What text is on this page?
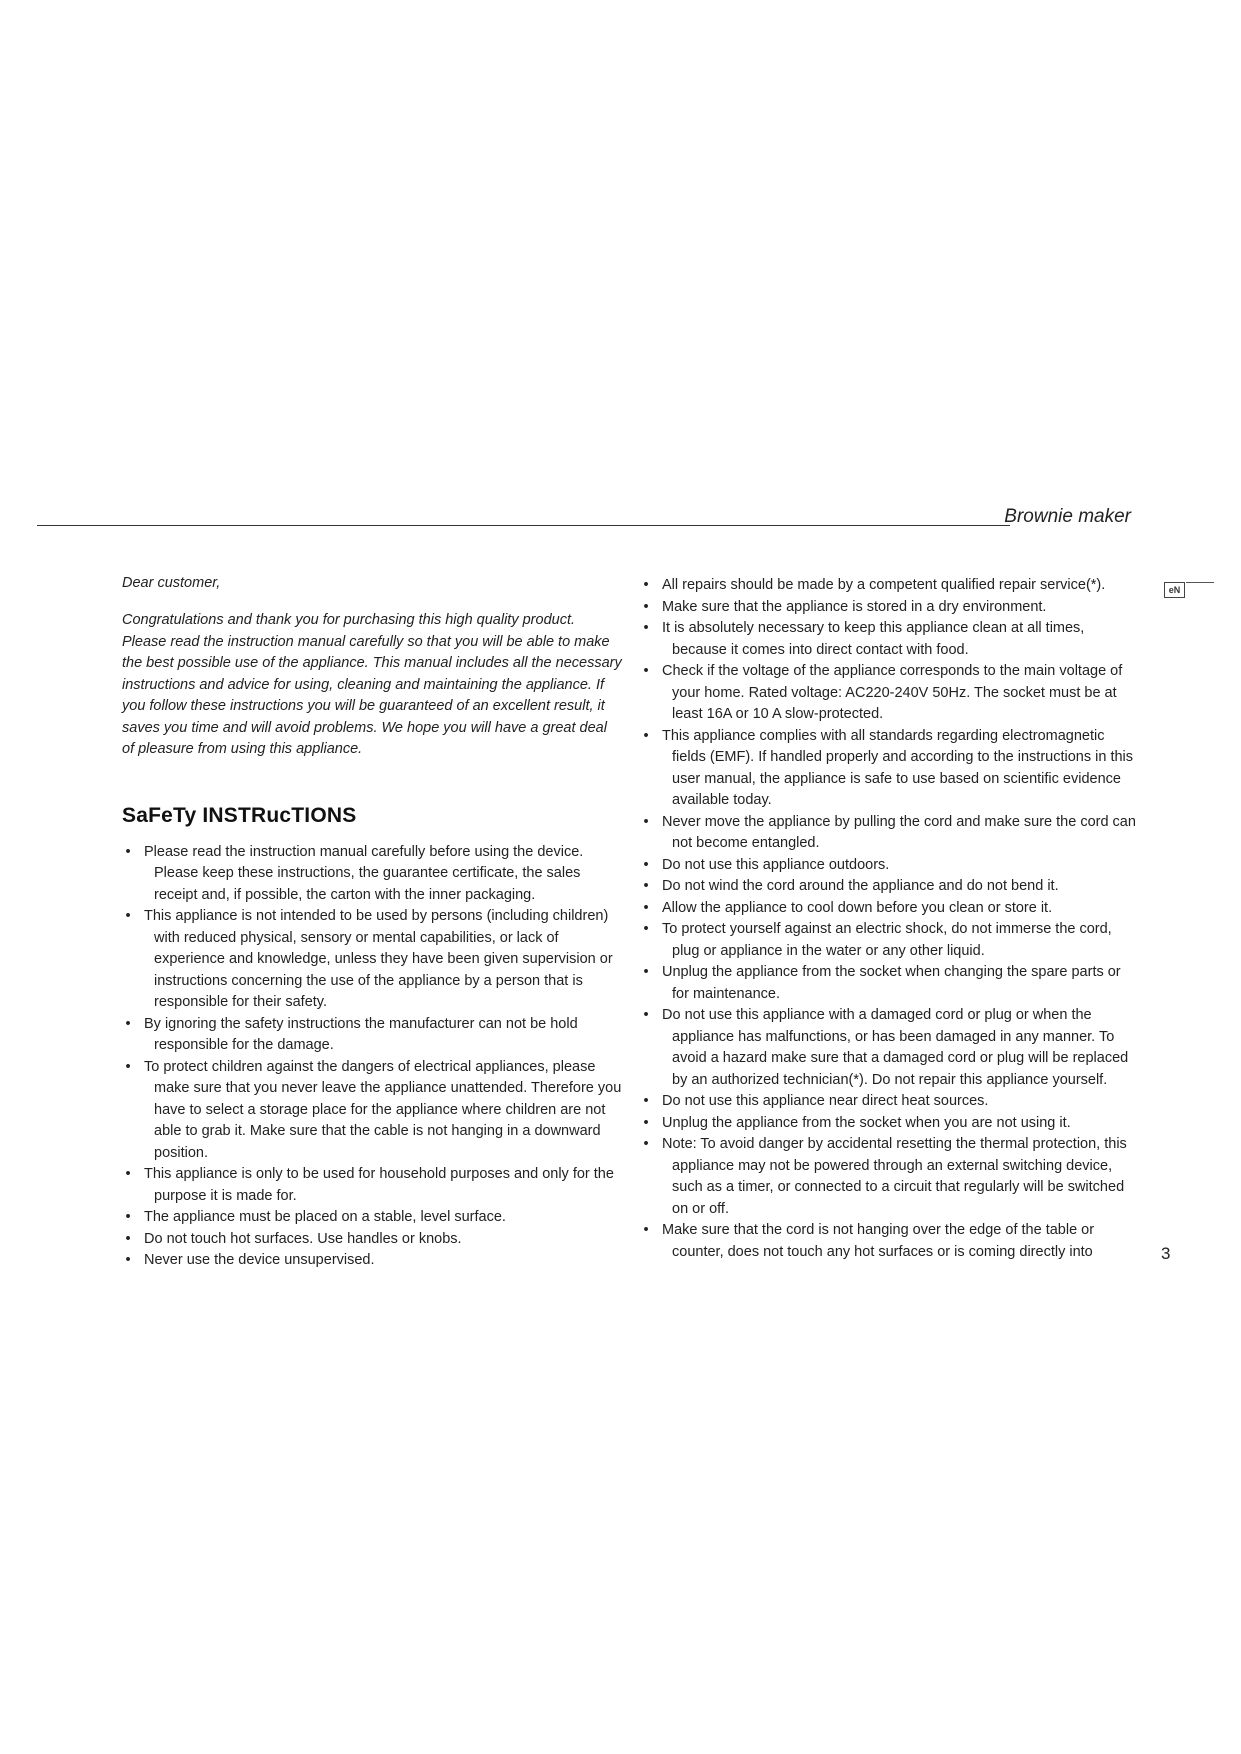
Brownie maker
eN

Dear customer,

Congratulations and thank you for purchasing this high quality product. Please read the instruction manual carefully so that you will be able to make the best possible use of the appliance. This manual includes all the necessary instructions and advice for using, cleaning and maintaining the appliance. If you follow these instructions you will be guaranteed of an excellent result, it saves you time and will avoid problems. We hope you will have a great deal of pleasure from using this appliance.

SaFeTy INSTRucTIONS
• Please read the instruction manual carefully before using the device. Please keep these instructions, the guarantee certificate, the sales receipt and, if possible, the carton with the inner packaging.
• This appliance is not intended to be used by persons (including children) with reduced physical, sensory or mental capabilities, or lack of experience and knowledge, unless they have been given supervision or instructions concerning the use of the appliance by a person that is responsible for their safety.
• By ignoring the safety instructions the manufacturer can not be hold responsible for the damage.
• To protect children against the dangers of electrical appliances, please make sure that you never leave the appliance unattended. Therefore you have to select a storage place for the appliance where children are not able to grab it. Make sure that the cable is not hanging in a downward position.
• This appliance is only to be used for household purposes and only for the purpose it is made for.
• The appliance must be placed on a stable, level surface.
• Do not touch hot surfaces. Use handles or knobs.
• Never use the device unsupervised.
• All repairs should be made by a competent qualified repair service(*).
• Make sure that the appliance is stored in a dry environment.
• It is absolutely necessary to keep this appliance clean at all times, because it comes into direct contact with food.
• Check if the voltage of the appliance corresponds to the main voltage of your home. Rated voltage: AC220-240V 50Hz. The socket must be at least 16A or 10 A slow-protected.
• This appliance complies with all standards regarding electromagnetic fields (EMF). If handled properly and according to the instructions in this user manual, the appliance is safe to use based on scientific evidence available today.
• Never move the appliance by pulling the cord and make sure the cord can not become entangled.
• Do not use this appliance outdoors.
• Do not wind the cord around the appliance and do not bend it.
• Allow the appliance to cool down before you clean or store it.
• To protect yourself against an electric shock, do not immerse the cord, plug or appliance in the water or any other liquid.
• Unplug the appliance from the socket when changing the spare parts or for maintenance.
• Do not use this appliance with a damaged cord or plug or when the appliance has malfunctions, or has been damaged in any manner. To avoid a hazard make sure that a damaged cord or plug will be replaced by an authorized technician(*). Do not repair this appliance yourself.
• Do not use this appliance near direct heat sources.
• Unplug the appliance from the socket when you are not using it.
• Note: To avoid danger by accidental resetting the thermal protection, this appliance may not be powered through an external switching device, such as a timer, or connected to a circuit that regularly will be switched on or off.
• Make sure that the cord is not hanging over the edge of the table or counter, does not touch any hot surfaces or is coming directly into	3
